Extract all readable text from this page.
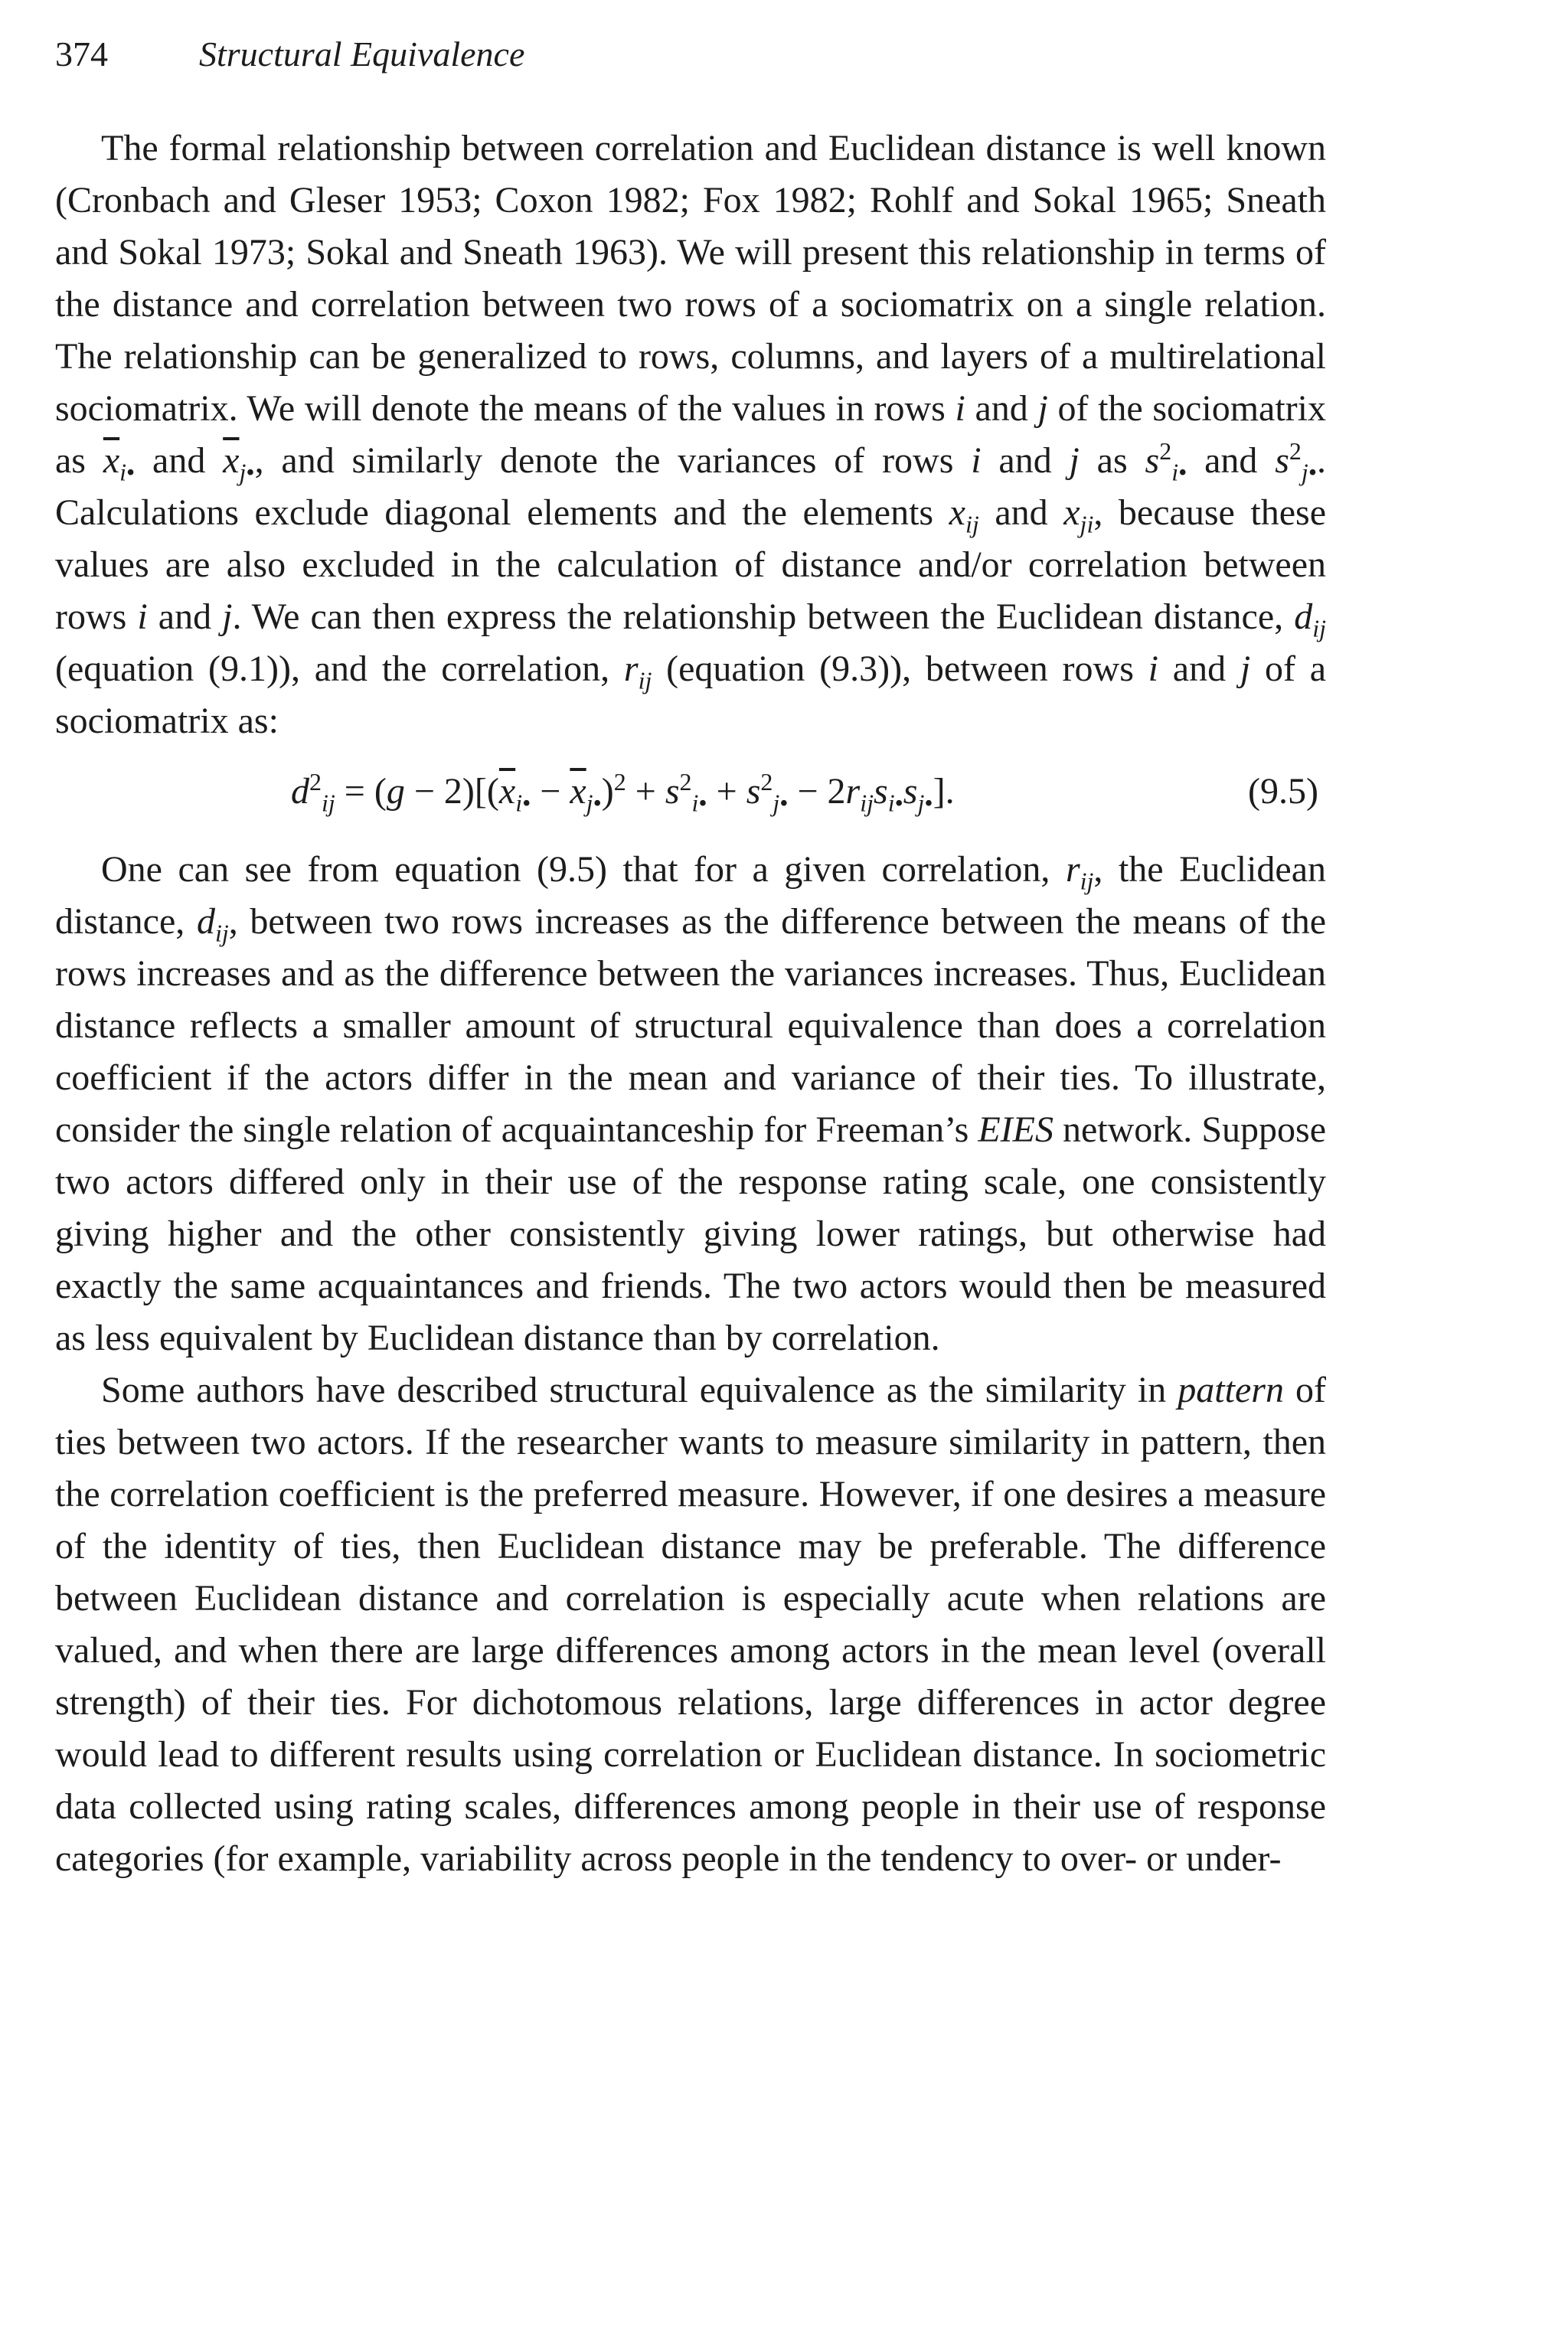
374	Structural Equivalence

The formal relationship between correlation and Euclidean distance is well known (Cronbach and Gleser 1953; Coxon 1982; Fox 1982; Rohlf and Sokal 1965; Sneath and Sokal 1973; Sokal and Sneath 1963). We will present this relationship in terms of the distance and correlation between two rows of a sociomatrix on a single relation. The relationship can be generalized to rows, columns, and layers of a multirelational sociomatrix. We will denote the means of the values in rows i and j of the sociomatrix as $\overline{x}_{i•}$ and $\overline{x}_{j•}$, and similarly denote the variances of rows i and j as $s^2_{i•}$ and $s^2_{j•}$. Calculations exclude diagonal elements and the elements $x_{ij}$ and $x_{ji}$, because these values are also excluded in the calculation of distance and/or correlation between rows i and j. We can then express the relationship between the Euclidean distance, $d_{ij}$ (equation (9.1)), and the correlation, $r_{ij}$ (equation (9.3)), between rows i and j of a sociomatrix as:

$d^2_{ij} = (g - 2)[(\overline{x}_{i•} - \overline{x}_{j•})^2 + s^2_{i•} + s^2_{j•} - 2r_{ij}s_{i•}s_{j•}]$.	(9.5)

One can see from equation (9.5) that for a given correlation, $r_{ij}$, the Euclidean distance, $d_{ij}$, between two rows increases as the difference between the means of the rows increases and as the difference between the variances increases. Thus, Euclidean distance reflects a smaller amount of structural equivalence than does a correlation coefficient if the actors differ in the mean and variance of their ties. To illustrate, consider the single relation of acquaintanceship for Freeman’s EIES network. Suppose two actors differed only in their use of the response rating scale, one consistently giving higher and the other consistently giving lower ratings, but otherwise had exactly the same acquaintances and friends. The two actors would then be measured as less equivalent by Euclidean distance than by correlation.

Some authors have described structural equivalence as the similarity in pattern of ties between two actors. If the researcher wants to measure similarity in pattern, then the correlation coefficient is the preferred measure. However, if one desires a measure of the identity of ties, then Euclidean distance may be preferable. The difference between Euclidean distance and correlation is especially acute when relations are valued, and when there are large differences among actors in the mean level (overall strength) of their ties. For dichotomous relations, large differences in actor degree would lead to different results using correlation or Euclidean distance. In sociometric data collected using rating scales, differences among people in their use of response categories (for example, variability across people in the tendency to over- or under-
